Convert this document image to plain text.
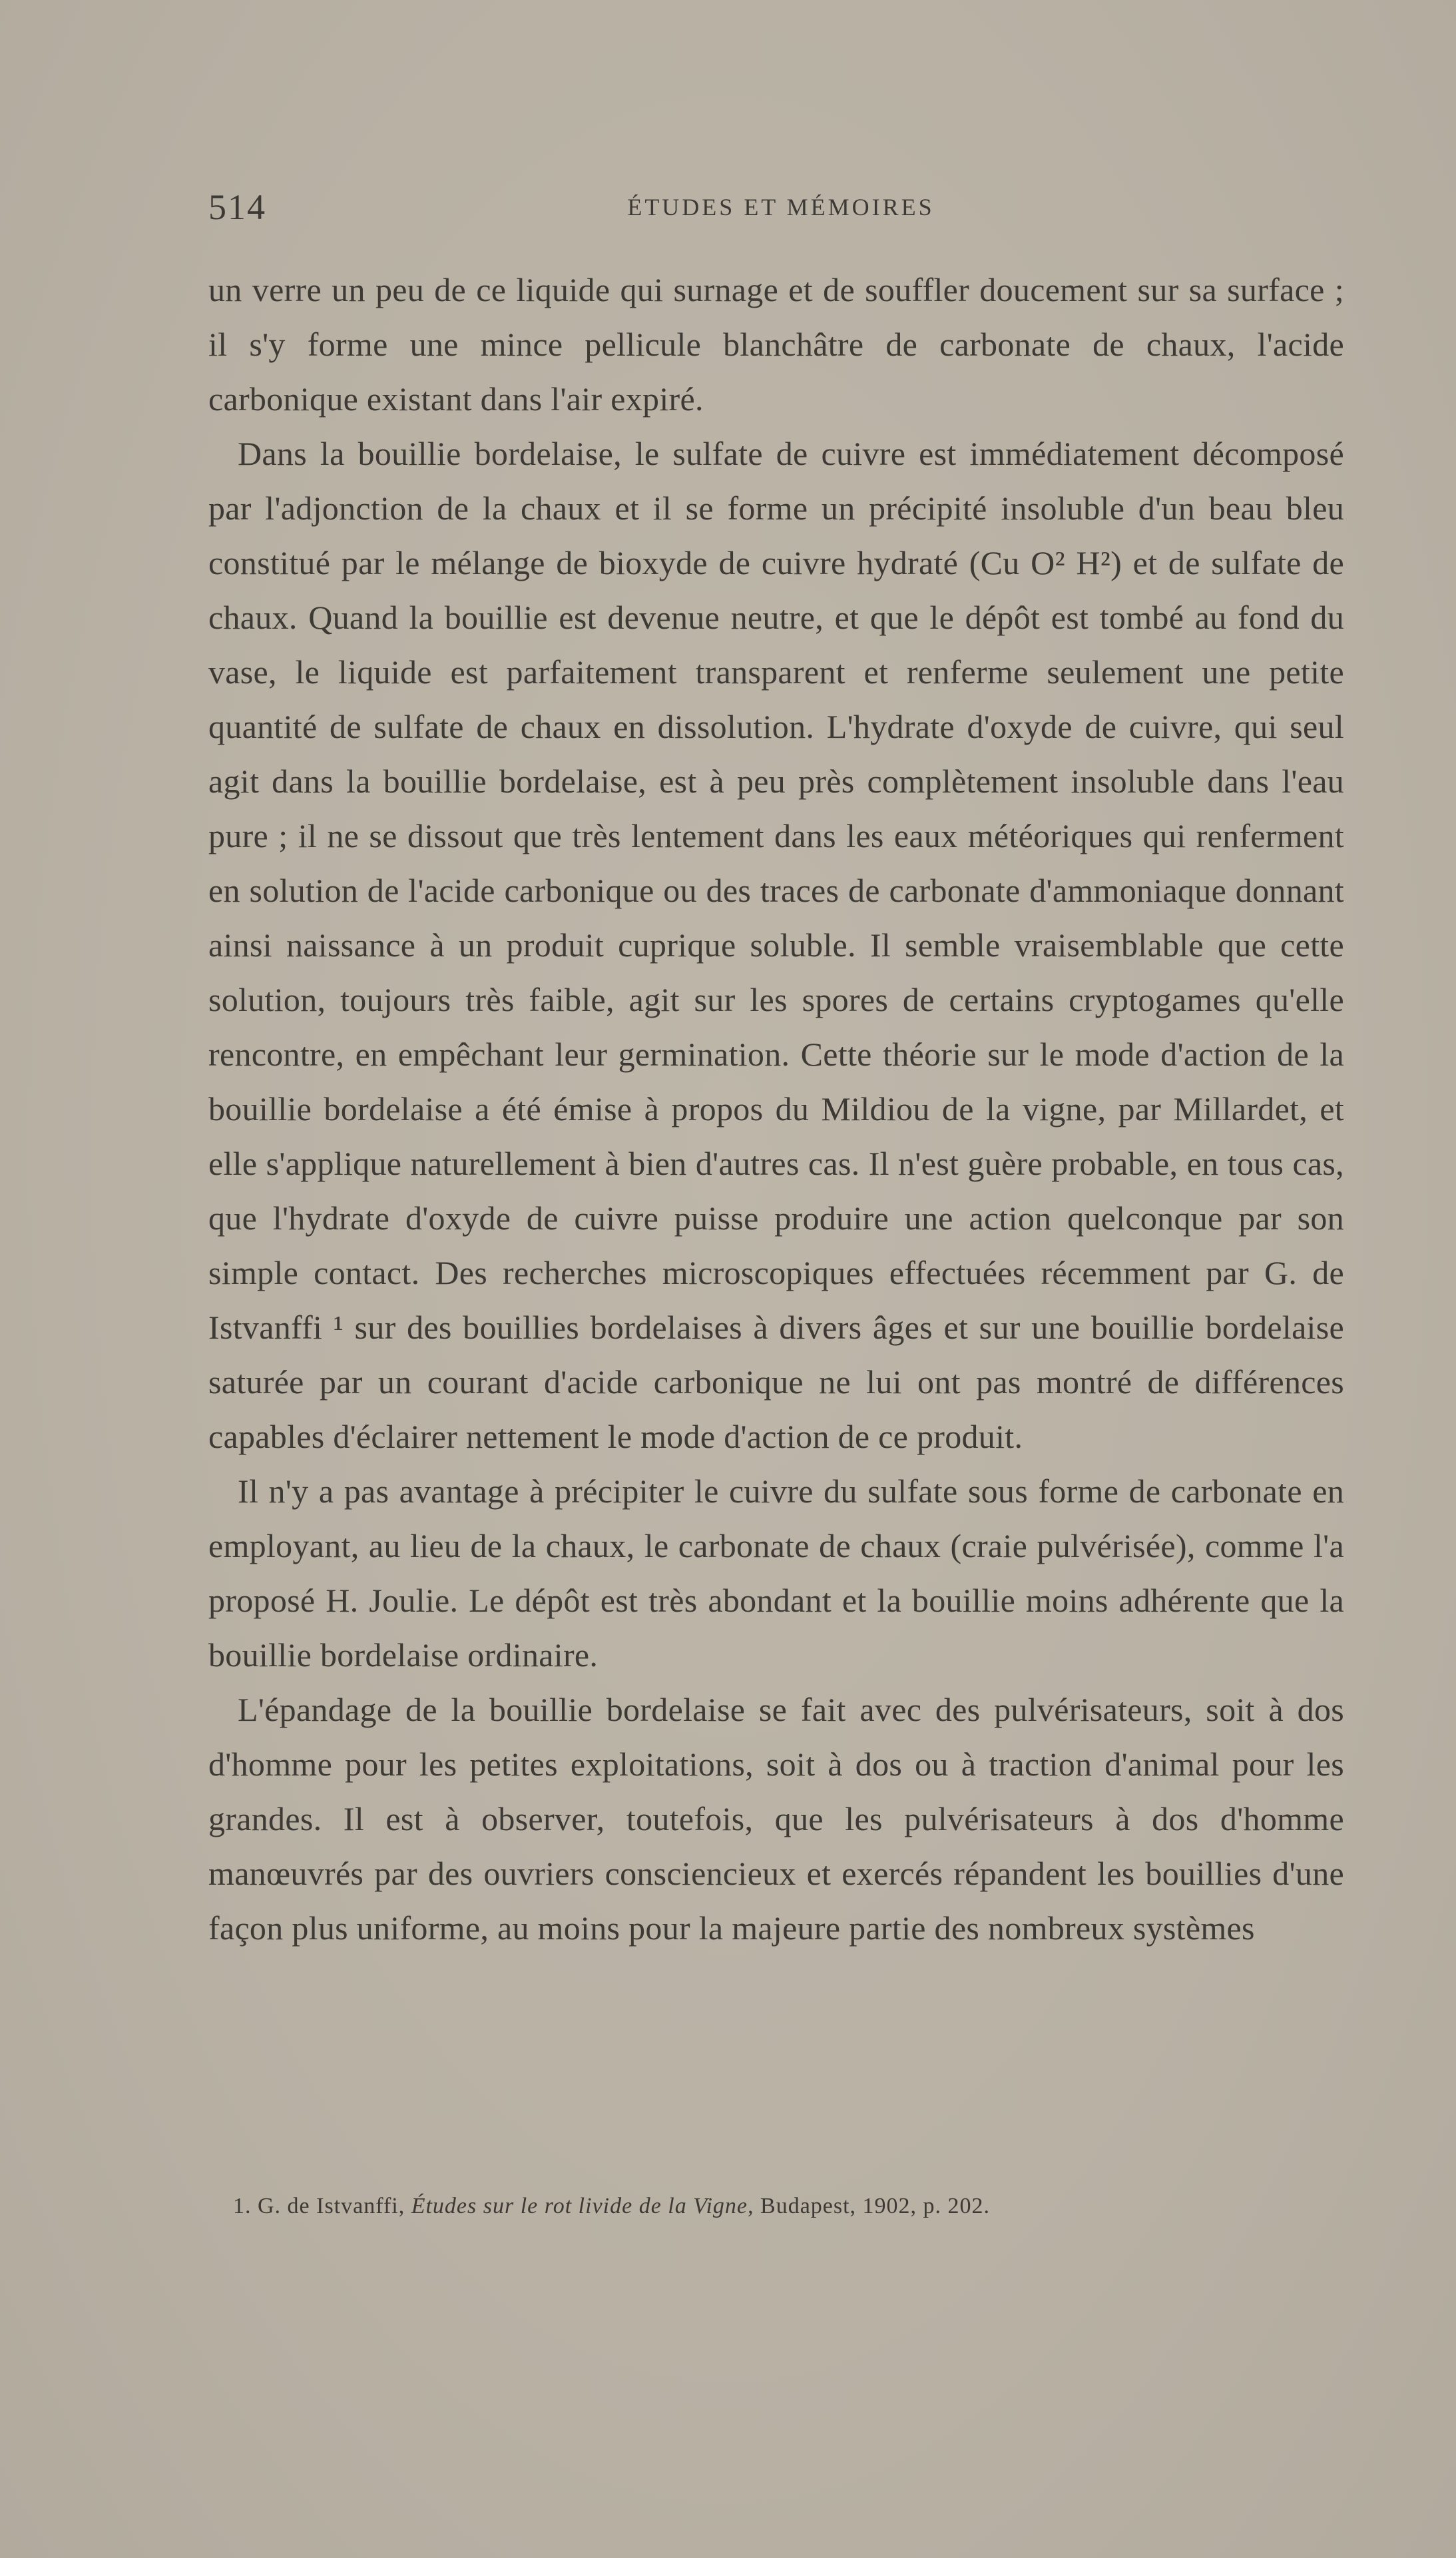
514	ÉTUDES ET MÉMOIRES

un verre un peu de ce liquide qui surnage et de souffler doucement sur sa surface ; il s'y forme une mince pellicule blanchâtre de carbonate de chaux, l'acide carbonique existant dans l'air expiré.

Dans la bouillie bordelaise, le sulfate de cuivre est immédiatement décomposé par l'adjonction de la chaux et il se forme un précipité insoluble d'un beau bleu constitué par le mélange de bioxyde de cuivre hydraté (Cu O² H²) et de sulfate de chaux. Quand la bouillie est devenue neutre, et que le dépôt est tombé au fond du vase, le liquide est parfaitement transparent et renferme seulement une petite quantité de sulfate de chaux en dissolution. L'hydrate d'oxyde de cuivre, qui seul agit dans la bouillie bordelaise, est à peu près complètement insoluble dans l'eau pure ; il ne se dissout que très lentement dans les eaux météoriques qui renferment en solution de l'acide carbonique ou des traces de carbonate d'ammoniaque donnant ainsi naissance à un produit cuprique soluble. Il semble vraisemblable que cette solution, toujours très faible, agit sur les spores de certains cryptogames qu'elle rencontre, en empêchant leur germination. Cette théorie sur le mode d'action de la bouillie bordelaise a été émise à propos du Mildiou de la vigne, par Millardet, et elle s'applique naturellement à bien d'autres cas. Il n'est guère probable, en tous cas, que l'hydrate d'oxyde de cuivre puisse produire une action quelconque par son simple contact. Des recherches microscopiques effectuées récemment par G. de Istvanffi ¹ sur des bouillies bordelaises à divers âges et sur une bouillie bordelaise saturée par un courant d'acide carbonique ne lui ont pas montré de différences capables d'éclairer nettement le mode d'action de ce produit.

Il n'y a pas avantage à précipiter le cuivre du sulfate sous forme de carbonate en employant, au lieu de la chaux, le carbonate de chaux (craie pulvérisée), comme l'a proposé H. Joulie. Le dépôt est très abondant et la bouillie moins adhérente que la bouillie bordelaise ordinaire.

L'épandage de la bouillie bordelaise se fait avec des pulvérisateurs, soit à dos d'homme pour les petites exploitations, soit à dos ou à traction d'animal pour les grandes. Il est à observer, toutefois, que les pulvérisateurs à dos d'homme manœuvrés par des ouvriers consciencieux et exercés répandent les bouillies d'une façon plus uniforme, au moins pour la majeure partie des nombreux systèmes

1. G. de Istvanffi, Études sur le rot livide de la Vigne, Budapest, 1902, p. 202.
